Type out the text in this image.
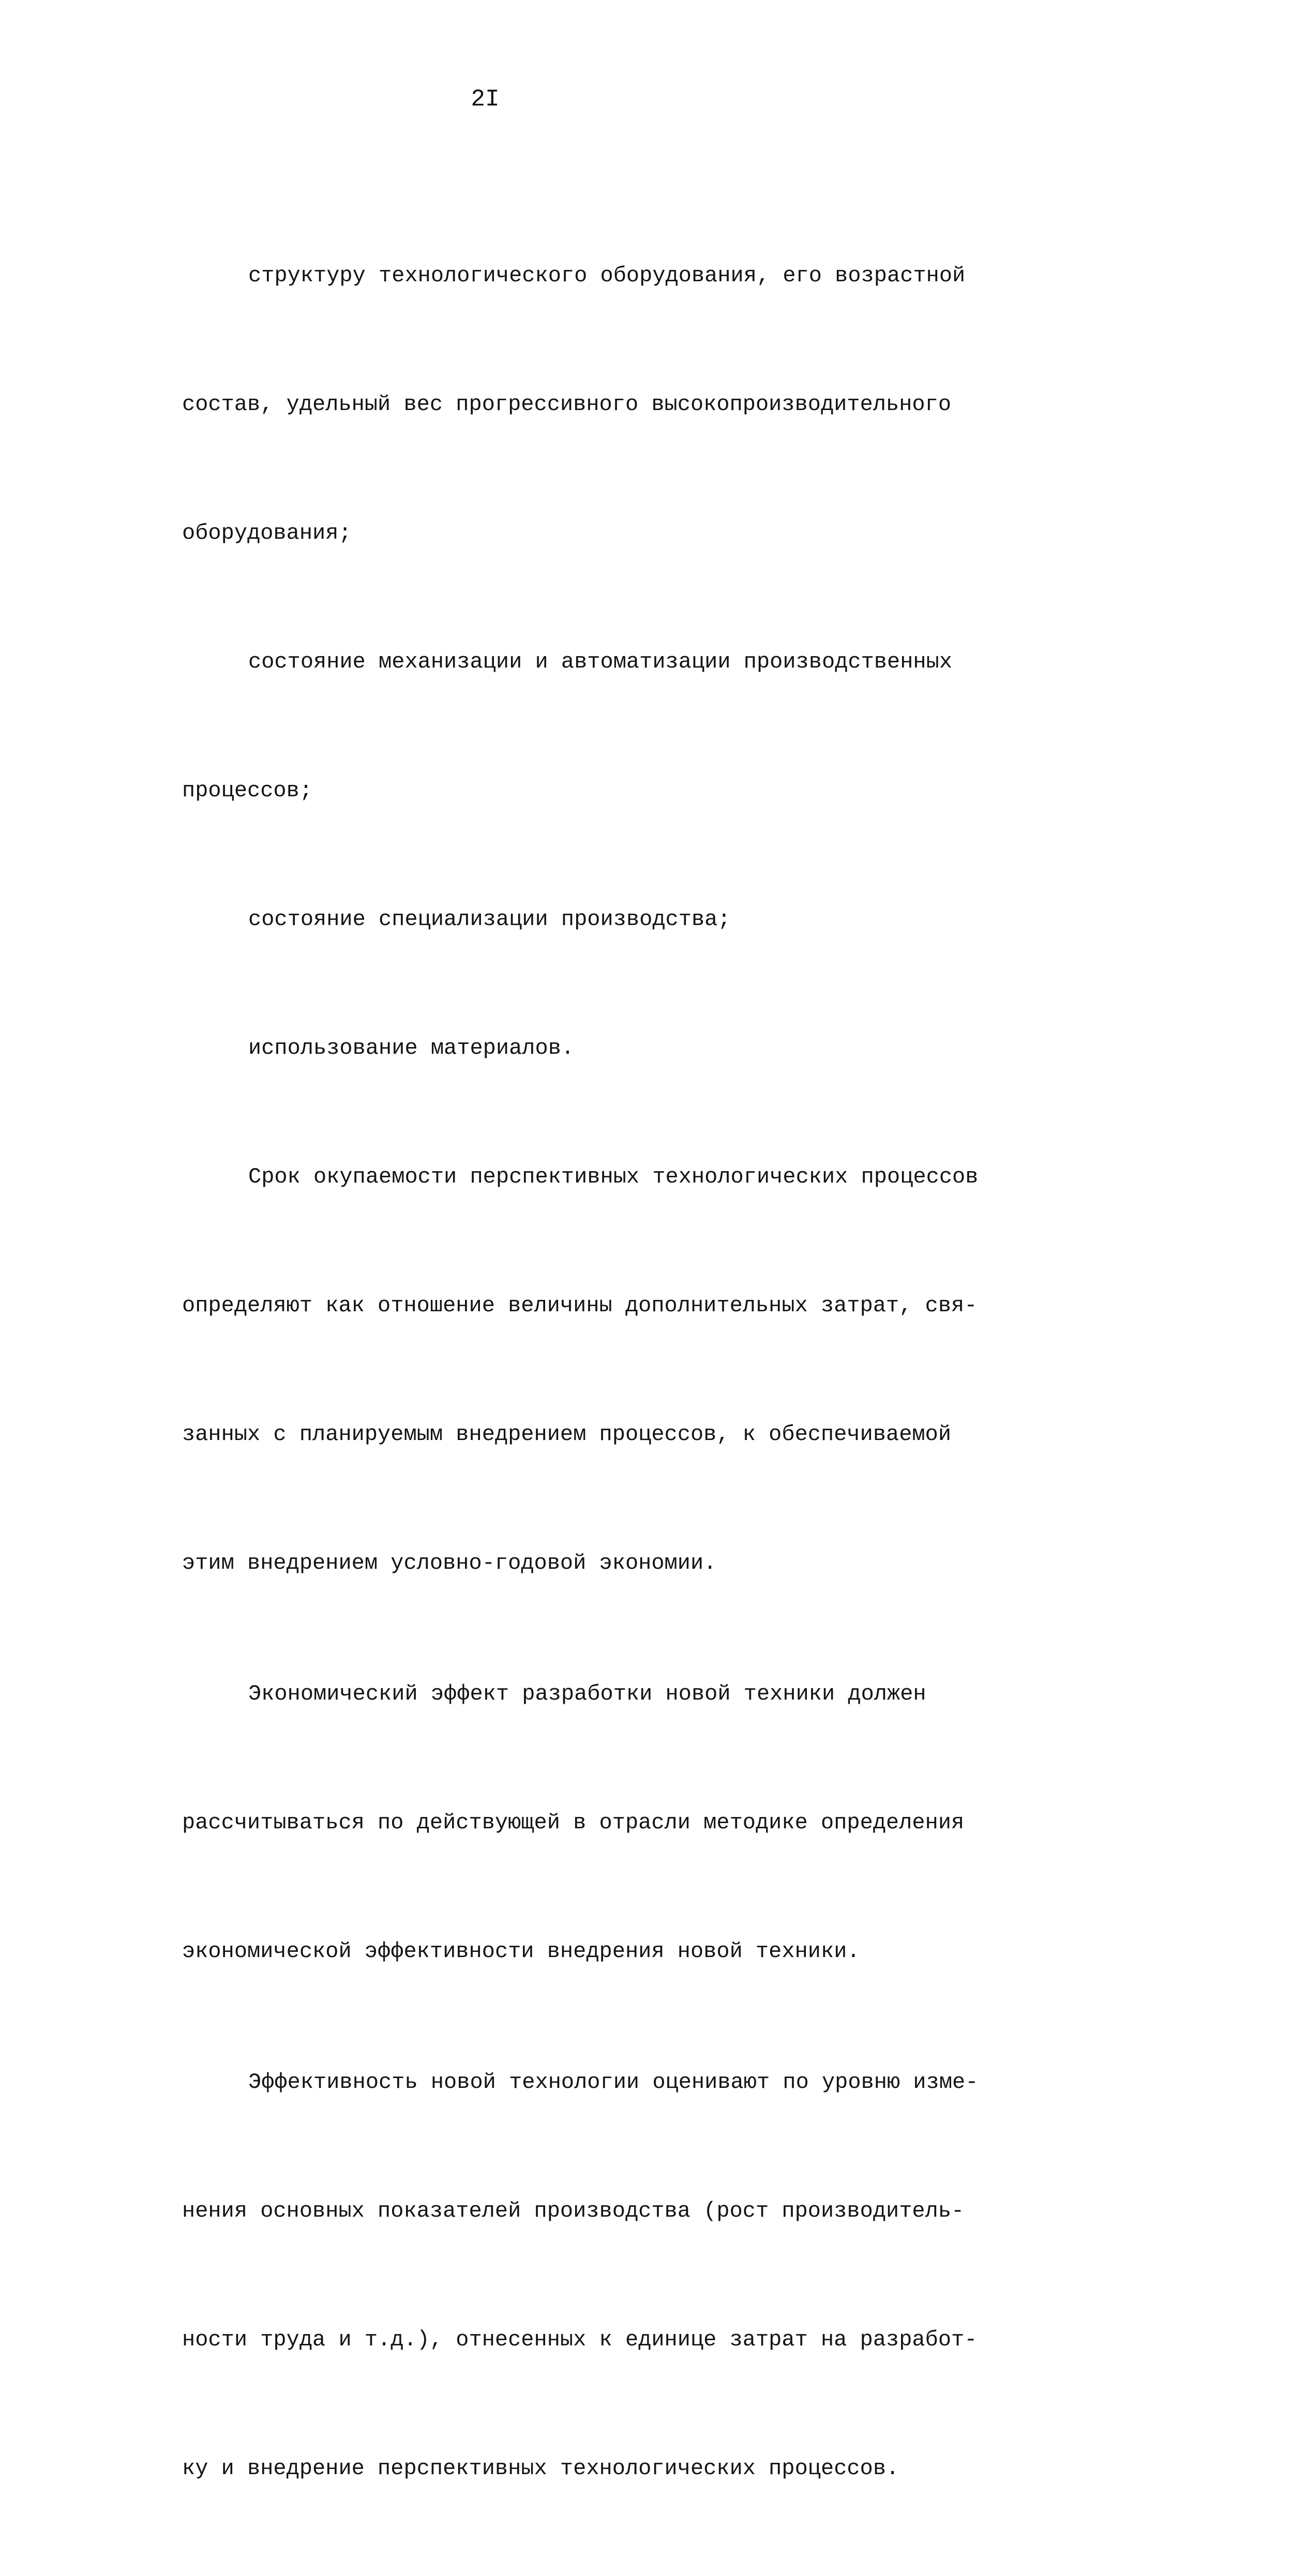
2I

структуру технологического оборудования, его возрастной

состав, удельный вес прогрессивного высокопроизводительного

оборудования;

состояние механизации и автоматизации производственных

процессов;

состояние специализации производства;

использование материалов.

Срок окупаемости перспективных технологических процессов

определяют как отношение величины дополнительных затрат, свя-

занных с планируемым внедрением процессов, к обеспечиваемой

этим внедрением условно-годовой экономии.

Экономический эффект разработки новой техники должен

рассчитываться по действующей в отрасли методике определения

экономической эффективности внедрения новой техники.

Эффективность новой технологии оценивают по уровню изме-

нения основных показателей производства (рост производитель-

ности труда и т.д.), отнесенных к единице затрат на разработ-

ку и внедрение перспективных технологических процессов.
